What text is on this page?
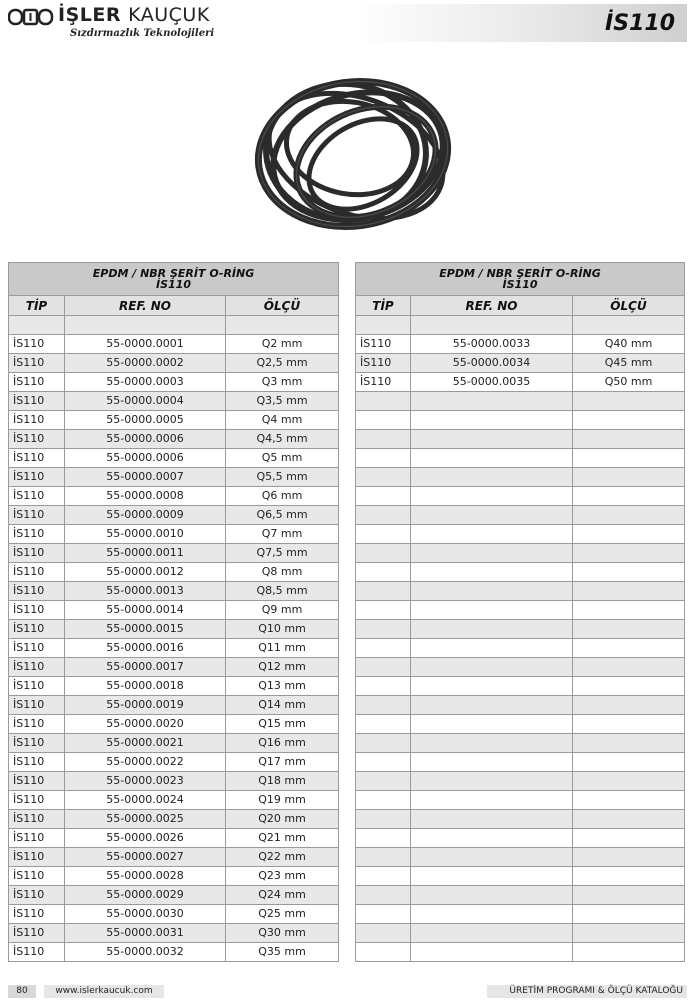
İŞLER KAUÇUK
Sızdırmazlık Teknolojileri	İS110
EPDM / NBR ŞERİT O-RİNG
İS110		
TİP	REF. NO	ÖLÇÜ

İS110	55-0000.0001	Q2 mm
İS110	55-0000.0002	Q2,5 mm
İS110	55-0000.0003	Q3 mm
İS110	55-0000.0004	Q3,5 mm
İS110	55-0000.0005	Q4 mm
İS110	55-0000.0006	Q4,5 mm
İS110	55-0000.0006	Q5 mm
İS110	55-0000.0007	Q5,5 mm
İS110	55-0000.0008	Q6 mm
İS110	55-0000.0009	Q6,5 mm
İS110	55-0000.0010	Q7 mm
İS110	55-0000.0011	Q7,5 mm
İS110	55-0000.0012	Q8 mm
İS110	55-0000.0013	Q8,5 mm
İS110	55-0000.0014	Q9 mm
İS110	55-0000.0015	Q10 mm
İS110	55-0000.0016	Q11 mm
İS110	55-0000.0017	Q12 mm
İS110	55-0000.0018	Q13 mm
İS110	55-0000.0019	Q14 mm
İS110	55-0000.0020	Q15 mm
İS110	55-0000.0021	Q16 mm
İS110	55-0000.0022	Q17 mm
İS110	55-0000.0023	Q18 mm
İS110	55-0000.0024	Q19 mm
İS110	55-0000.0025	Q20 mm
İS110	55-0000.0026	Q21 mm
İS110	55-0000.0027	Q22 mm
İS110	55-0000.0028	Q23 mm
İS110	55-0000.0029	Q24 mm
İS110	55-0000.0030	Q25 mm
İS110	55-0000.0031	Q30 mm
İS110	55-0000.0032	Q35 mm
EPDM / NBR ŞERİT O-RİNG
İS110		
TİP	REF. NO	ÖLÇÜ

İS110	55-0000.0033	Q40 mm
İS110	55-0000.0034	Q45 mm
İS110	55-0000.0035	Q50 mm

80	www.islerkaucuk.com	ÜRETİM PROGRAMI & ÖLÇÜ KATALOĞU
